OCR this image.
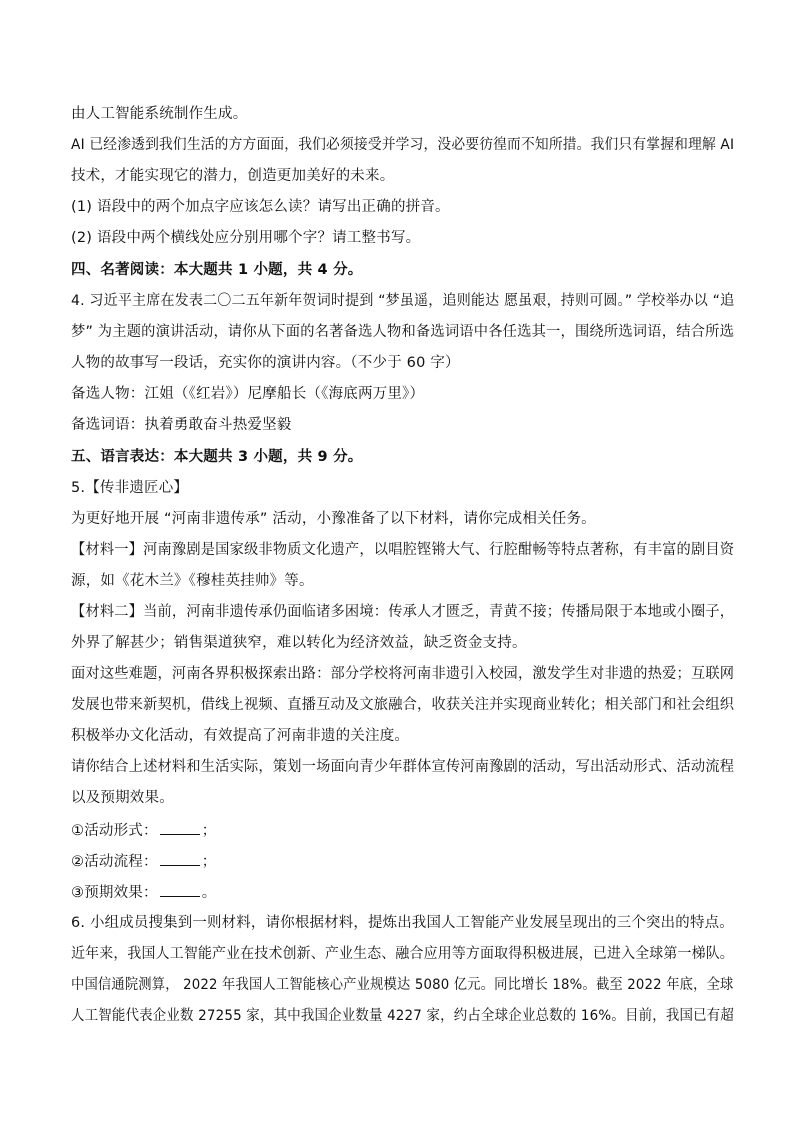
由人工智能系统制作生成。
AI 已经渗透到我们生活的方方面面，我们必须接受并学习，没必要彷徨而不知所措。我们只有掌握和理解 AI
技术，才能实现它的潜力，创造更加美好的未来。
(1) 语段中的两个加点字应该怎么读？请写出正确的拼音。
(2) 语段中两个横线处应分别用哪个字？请工整书写。
四、名著阅读：本大题共 1 小题，共 4 分。
4. 习近平主席在发表二〇二五年新年贺词时提到 “梦虽遥，追则能达 愿虽艰，持则可圆。” 学校举办以 “追
梦” 为主题的演讲活动，请你从下面的名著备选人物和备选词语中各任选其一，围绕所选词语，结合所选
人物的故事写一段话，充实你的演讲内容。（不少于 60 字）
备选人物：江姐（《红岩》）尼摩船长（《海底两万里》）
备选词语：执着勇敢奋斗热爱坚毅
五、语言表达：本大题共 3 小题，共 9 分。
5.【传非遗匠心】
为更好地开展 “河南非遗传承” 活动，小豫准备了以下材料，请你完成相关任务。
【材料一】河南豫剧是国家级非物质文化遗产，以唱腔铿锵大气、行腔酣畅等特点著称，有丰富的剧目资
源，如《花木兰》《穆桂英挂帅》等。
【材料二】当前，河南非遗传承仍面临诸多困境：传承人才匮乏，青黄不接；传播局限于本地或小圈子，
外界了解甚少；销售渠道狭窄，难以转化为经济效益，缺乏资金支持。
面对这些难题，河南各界积极探索出路：部分学校将河南非遗引入校园，激发学生对非遗的热爱；互联网
发展也带来新契机，借线上视频、直播互动及文旅融合，收获关注并实现商业转化；相关部门和社会组织
积极举办文化活动，有效提高了河南非遗的关注度。
请你结合上述材料和生活实际，策划一场面向青少年群体宣传河南豫剧的活动，写出活动形式、活动流程
以及预期效果。
①活动形式：	；
②活动流程：	；
③预期效果：	。
6. 小组成员搜集到一则材料，请你根据材料，提炼出我国人工智能产业发展呈现出的三个突出的特点。
近年来，我国人工智能产业在技术创新、产业生态、融合应用等方面取得积极进展，已进入全球第一梯队。
中国信通院测算， 2022 年我国人工智能核心产业规模达 5080 亿元。同比增长 18%。截至 2022 年底，全球
人工智能代表企业数 27255 家，其中我国企业数量 4227 家，约占全球企业总数的 16%。目前，我国已有超
